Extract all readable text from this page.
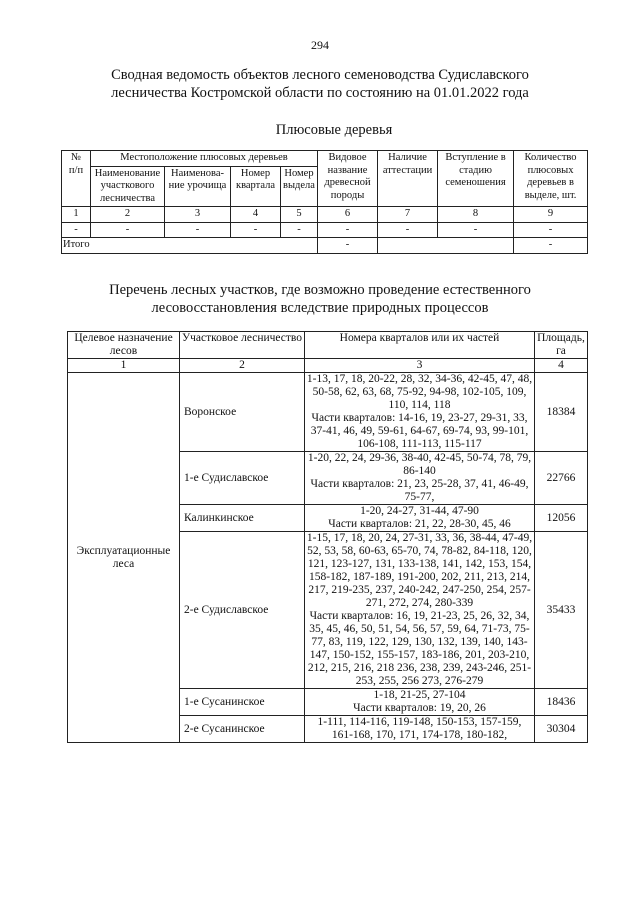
294
Сводная ведомость объектов лесного семеноводства Судиславского
лесничества Костромской области по состоянию на 01.01.2022 года
Плюсовые деревья
№
п/п	Местоположение плюсовых деревьев				Видовое название древесной породы	Наличие аттестации	Вступление в стадию семеношения	Количество плюсовых деревьев в выделе, шт.
	Наименование участкового лесничества	Наименова-ние урочища	Номер квартала	Номер выдела				
1	2	3	4	5	6	7	8	9
-	-	-	-	-	-	-	-	-
Итого					-			-
Перечень лесных участков, где возможно проведение естественного
лесовосстановления вследствие природных процессов
Целевое назначение лесов	Участковое лесничество	Номера кварталов или их частей	Площадь, га
1	2	3	4
Эксплуатационные леса	Воронское	1-13, 17, 18, 20-22, 28, 32, 34-36, 42-45, 47, 48, 50-58, 62, 63, 68, 75-92, 94-98, 102-105, 109, 110, 114, 118
Части кварталов: 14-16, 19, 23-27, 29-31, 33, 37-41, 46, 49, 59-61, 64-67, 69-74, 93, 99-101, 106-108, 111-113, 115-117	18384
	1-е Судиславское	1-20, 22, 24, 29-36, 38-40, 42-45, 50-74, 78, 79, 86-140
Части кварталов: 21, 23, 25-28, 37, 41, 46-49, 75-77,	22766
	Калинкинское	1-20, 24-27, 31-44, 47-90
Части кварталов: 21, 22, 28-30, 45, 46	12056
	2-е Судиславское	1-15, 17, 18, 20, 24, 27-31, 33, 36, 38-44, 47-49, 52, 53, 58, 60-63, 65-70, 74, 78-82, 84-118, 120, 121, 123-127, 131, 133-138, 141, 142, 153, 154, 158-182, 187-189, 191-200, 202, 211, 213, 214, 217, 219-235, 237, 240-242, 247-250, 254, 257-271, 272, 274, 280-339
Части кварталов: 16, 19, 21-23, 25, 26, 32, 34, 35, 45, 46, 50, 51, 54, 56, 57, 59, 64, 71-73, 75-77, 83, 119, 122, 129, 130, 132, 139, 140, 143-147, 150-152, 155-157, 183-186, 201, 203-210, 212, 215, 216, 218 236, 238, 239, 243-246, 251-253, 255, 256 273, 276-279	35433
	1-е Сусанинское	1-18, 21-25, 27-104
Части кварталов: 19, 20, 26	18436
	2-е Сусанинское	1-111, 114-116, 119-148, 150-153, 157-159, 161-168, 170, 171, 174-178, 180-182,	30304
